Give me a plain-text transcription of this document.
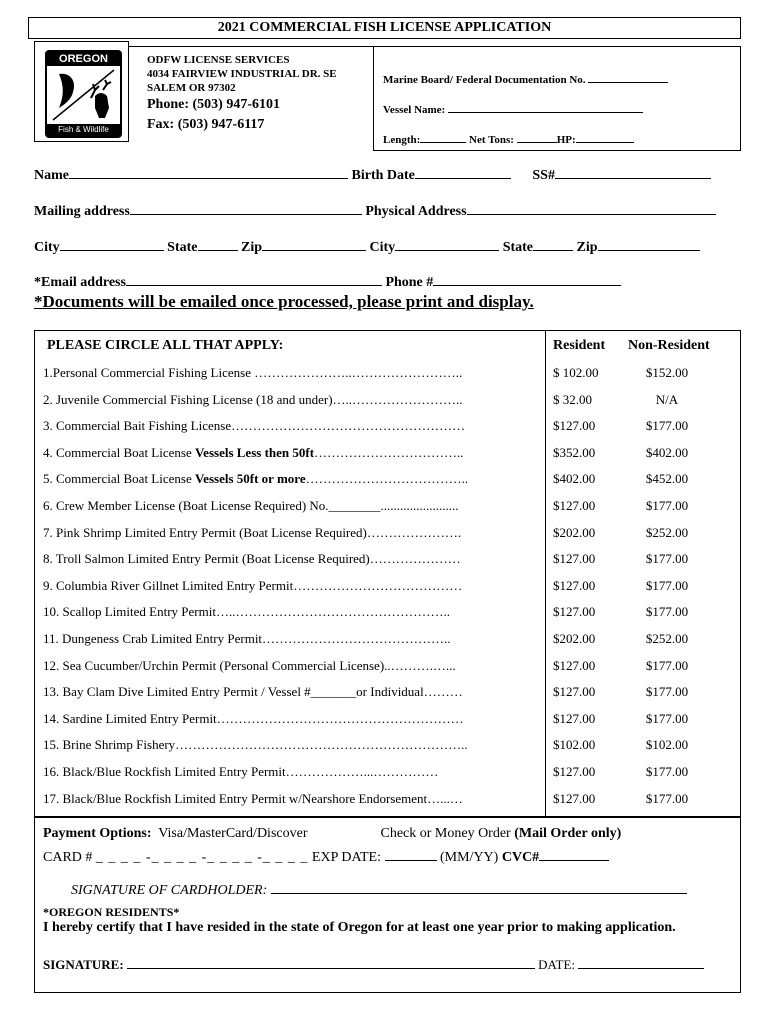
2021 COMMERCIAL FISH LICENSE APPLICATION
OREGON
Fish & Wildlife
ODFW LICENSE SERVICES
4034 FAIRVIEW INDUSTRIAL DR. SE
SALEM OR 97302
Phone: (503) 947-6101
Fax: (503) 947-6117
Marine Board/ Federal Documentation No.
Vessel Name:
Length:	Net Tons:	HP:
Name	Birth Date	SS#
Mailing address	Physical Address
City	State	Zip	City	State	Zip
*Email address	Phone #
*Documents will be emailed once processed, please print and display.
PLEASE CIRCLE ALL THAT APPLY:	Resident Non-Resident
1.Personal Commercial Fishing License …………………..……………………..	$ 102.00	$152.00
2. Juvenile Commercial Fishing License (18 and under)…..……………………..	$ 32.00	N/A
3. Commercial Bait Fishing License………………………………………………	$127.00	$177.00
4. Commercial Boat License Vessels Less then 50ft……………………………..	$352.00	$402.00
5. Commercial Boat License Vessels 50ft or more………………………………..	$402.00	$452.00
6. Crew Member License (Boat License Required) No.________........................	$127.00	$177.00
7. Pink Shrimp Limited Entry Permit (Boat License Required)………………….	$202.00	$252.00
8. Troll Salmon Limited Entry Permit (Boat License Required)…………………	$127.00	$177.00
9. Columbia River Gillnet Limited Entry Permit…………………………………	$127.00	$177.00
10. Scallop Limited Entry Permit…..…………………………………………..	$127.00	$177.00
11. Dungeness Crab Limited Entry Permit……………………………………..	$202.00	$252.00
12. Sea Cucumber/Urchin Permit (Personal Commercial License)..……….…...	$127.00	$177.00
13. Bay Clam Dive Limited Entry Permit / Vessel #_______or Individual………	$127.00	$177.00
14. Sardine Limited Entry Permit…………………………………………………	$127.00	$177.00
15. Brine Shrimp Fishery…………………………………………………………..	$102.00	$102.00
16. Black/Blue Rockfish Limited Entry Permit………………...……………	$127.00	$177.00
17. Black/Blue Rockfish Limited Entry Permit w/Nearshore Endorsement…...…	$127.00	$177.00
Payment Options: Visa/MasterCard/Discover	Check or Money Order (Mail Order only)
CARD # _ _ _ _ -_ _ _ _ -_ _ _ _ -_ _ _ _ EXP DATE:	(MM/YY) CVC#
SIGNATURE OF CARDHOLDER:
*OREGON RESIDENTS*
I hereby certify that I have resided in the state of Oregon for at least one year prior to making application.
SIGNATURE:	DATE:
